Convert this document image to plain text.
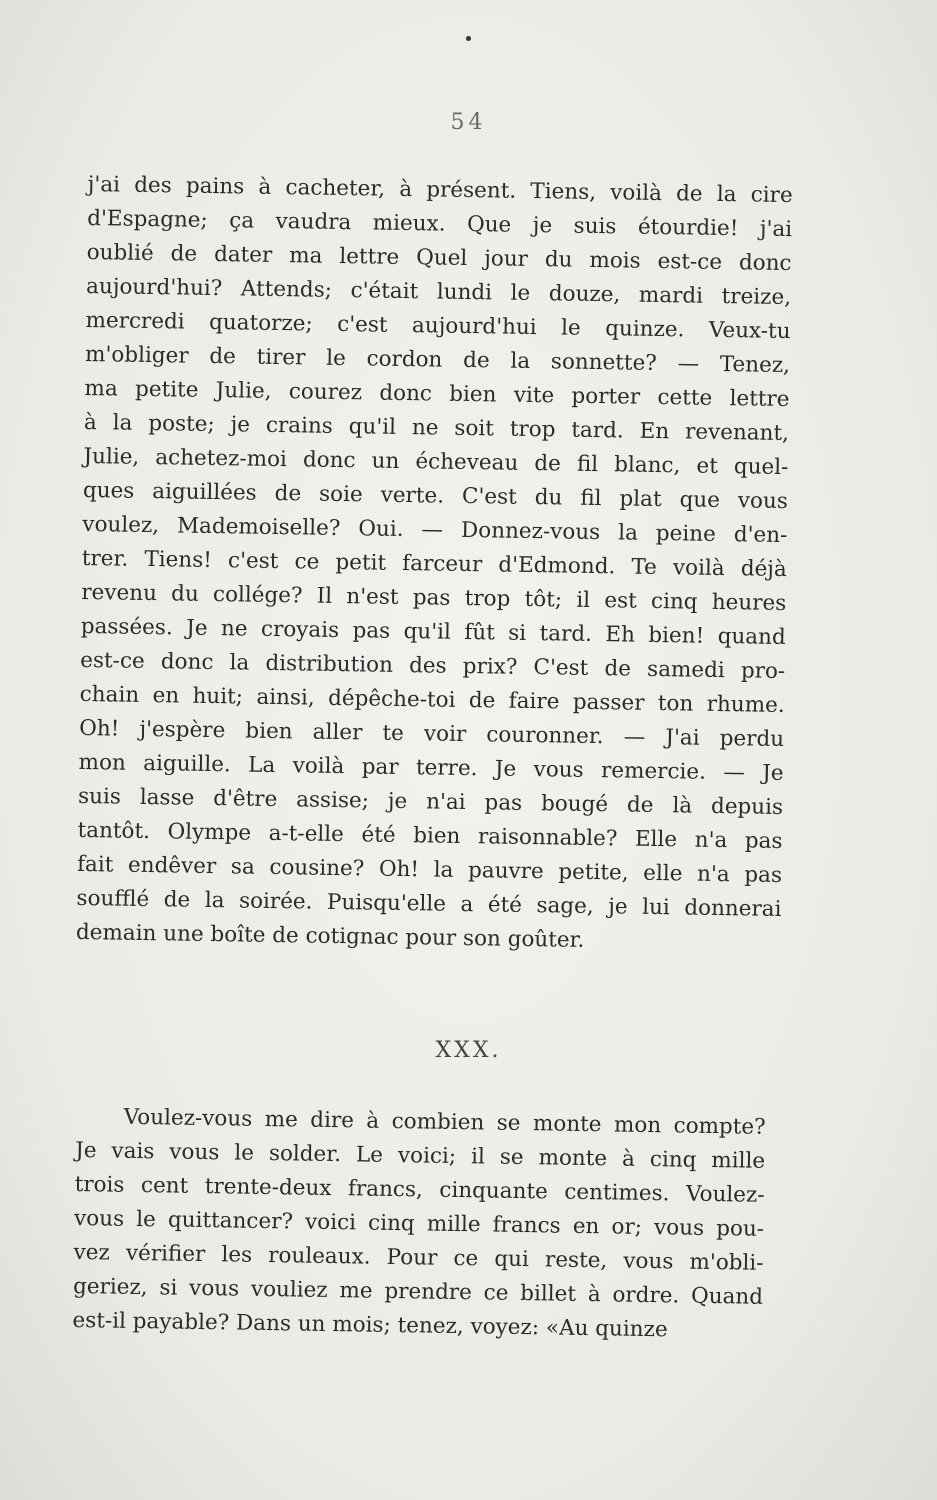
54
j'ai des pains à cacheter, à présent. Tiens, voilà de la cire
d'Espagne; ça vaudra mieux. Que je suis étourdie! j'ai
oublié de dater ma lettre Quel jour du mois est-ce donc
aujourd'hui? Attends; c'était lundi le douze, mardi treize,
mercredi quatorze; c'est aujourd'hui le quinze. Veux-tu
m'obliger de tirer le cordon de la sonnette? — Tenez,
ma petite Julie, courez donc bien vite porter cette lettre
à la poste; je crains qu'il ne soit trop tard. En revenant,
Julie, achetez-moi donc un écheveau de fil blanc, et quel-
ques aiguillées de soie verte. C'est du fil plat que vous
voulez, Mademoiselle? Oui. — Donnez-vous la peine d'en-
trer. Tiens! c'est ce petit farceur d'Edmond. Te voilà déjà
revenu du collége? Il n'est pas trop tôt; il est cinq heures
passées. Je ne croyais pas qu'il fût si tard. Eh bien! quand
est-ce donc la distribution des prix? C'est de samedi pro-
chain en huit; ainsi, dépêche-toi de faire passer ton rhume.
Oh! j'espère bien aller te voir couronner. — J'ai perdu
mon aiguille. La voilà par terre. Je vous remercie. — Je
suis lasse d'être assise; je n'ai pas bougé de là depuis
tantôt. Olympe a-t-elle été bien raisonnable? Elle n'a pas
fait endêver sa cousine? Oh! la pauvre petite, elle n'a pas
soufflé de la soirée. Puisqu'elle a été sage, je lui donnerai
demain une boîte de cotignac pour son goûter.
XXX.
Voulez-vous me dire à combien se monte mon compte?
Je vais vous le solder. Le voici; il se monte à cinq mille
trois cent trente-deux francs, cinquante centimes. Voulez-
vous le quittancer? voici cinq mille francs en or; vous pou-
vez vérifier les rouleaux. Pour ce qui reste, vous m'obli-
geriez, si vous vouliez me prendre ce billet à ordre. Quand
est-il payable? Dans un mois; tenez, voyez: «Au quinze
